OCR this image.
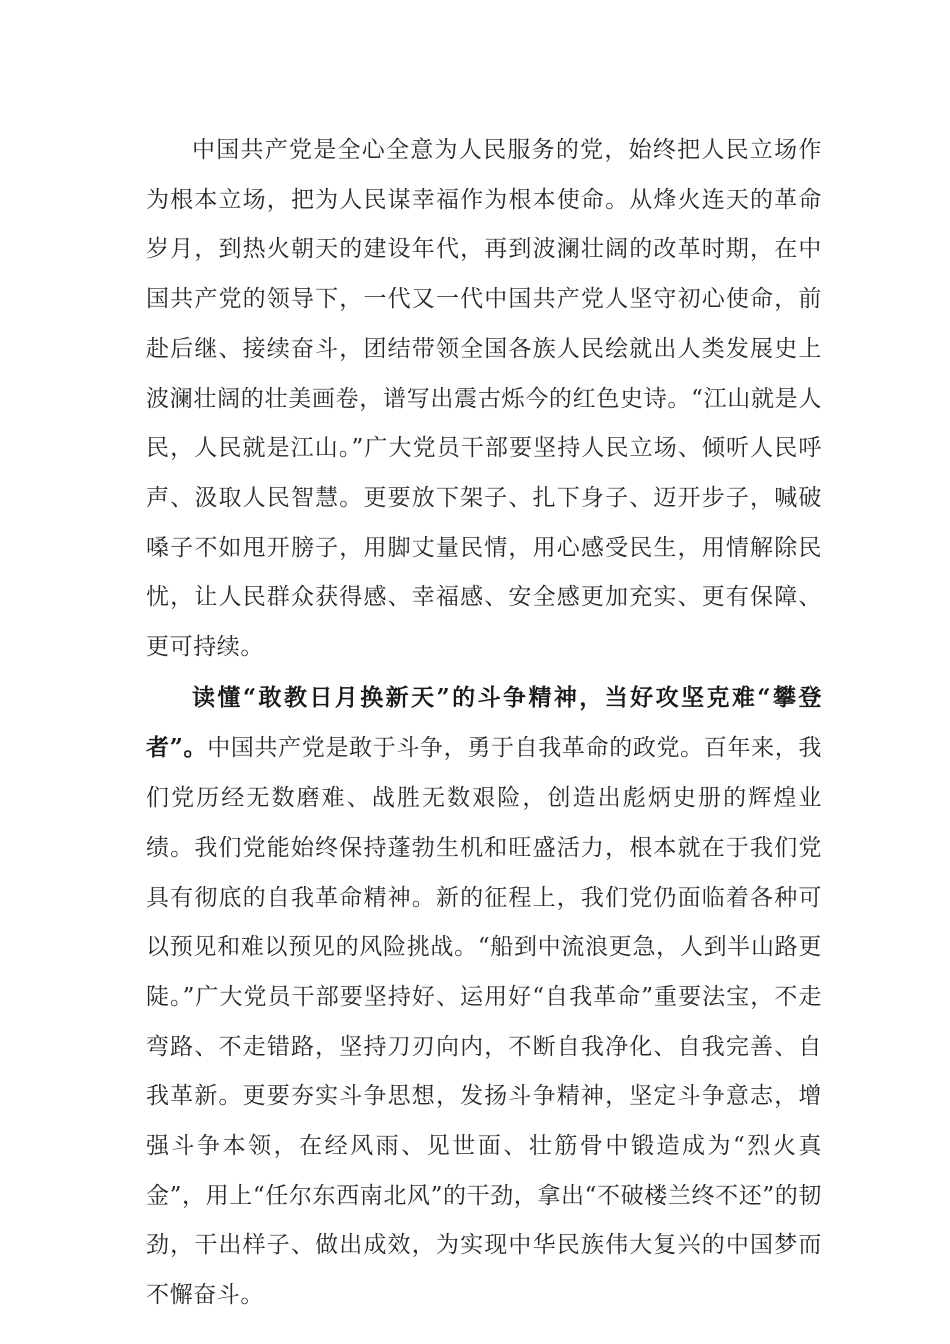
中国共产党是全心全意为人民服务的党，始终把人民立场作为根本立场，把为人民谋幸福作为根本使命。从烽火连天的革命岁月，到热火朝天的建设年代，再到波澜壮阔的改革时期，在中国共产党的领导下，一代又一代中国共产党人坚守初心使命，前赴后继、接续奋斗，团结带领全国各族人民绘就出人类发展史上波澜壮阔的壮美画卷，谱写出震古烁今的红色史诗。“江山就是人民，人民就是江山。”广大党员干部要坚持人民立场、倾听人民呼声、汲取人民智慧。更要放下架子、扎下身子、迈开步子，喊破嗓子不如甩开膀子，用脚丈量民情，用心感受民生，用情解除民忧，让人民群众获得感、幸福感、安全感更加充实、更有保障、更可持续。

读懂“敢教日月换新天”的斗争精神，当好攻坚克难“攀登者”。中国共产党是敢于斗争，勇于自我革命的政党。百年来，我们党历经无数磨难、战胜无数艰险，创造出彪炳史册的辉煌业绩。我们党能始终保持蓬勃生机和旺盛活力，根本就在于我们党具有彻底的自我革命精神。新的征程上，我们党仍面临着各种可以预见和难以预见的风险挑战。“船到中流浪更急，人到半山路更陡。”广大党员干部要坚持好、运用好“自我革命”重要法宝，不走弯路、不走错路，坚持刀刃向内，不断自我净化、自我完善、自我革新。更要夯实斗争思想，发扬斗争精神，坚定斗争意志，增强斗争本领，在经风雨、见世面、壮筋骨中锻造成为“烈火真金”，用上“任尔东西南北风”的干劲，拿出“不破楼兰终不还”的韧劲，干出样子、做出成效，为实现中华民族伟大复兴的中国梦而不懈奋斗。
